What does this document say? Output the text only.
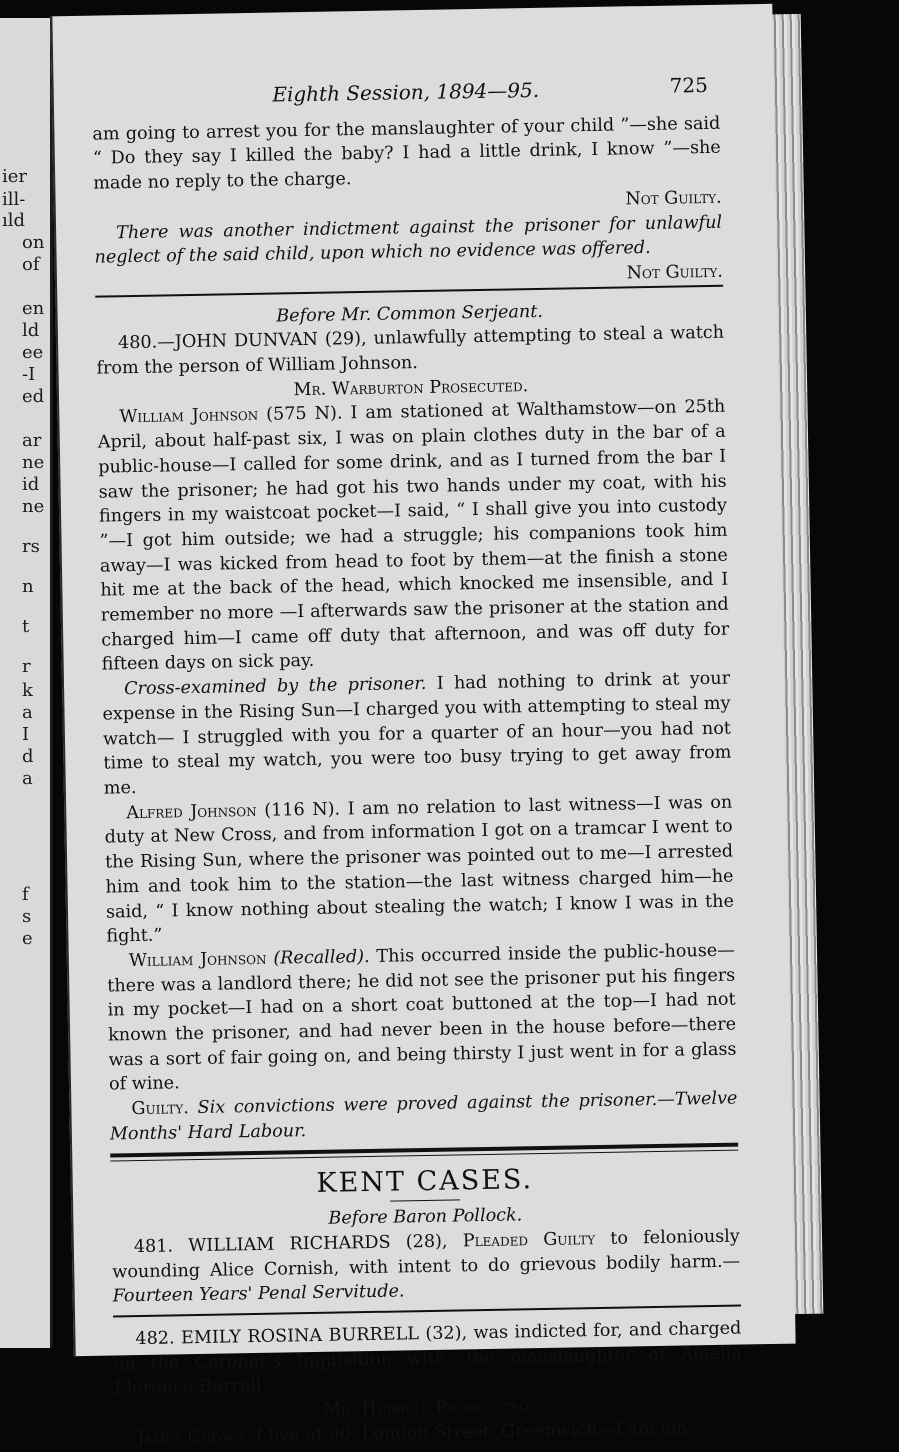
ier
ill-
ıld
on
of
en
ld
ee
-I
ed
ar
ne
id
ne
rs
n
t
r
k
a
I
d
a
f
s
e
725

Eighth Session, 1894—95.

am going to arrest you for the manslaughter of your child ”—she said “ Do they say I killed the baby? I had a little drink, I know ”—she made no reply to the charge.

Not Guilty.

There was another indictment against the prisoner for unlawful neglect of the said child, upon which no evidence was offered.
Not Guilty.

Before Mr. Common Serjeant.

480.—JOHN DUNVAN (29), unlawfully attempting to steal a watch from the person of William Johnson.

Mr. Warburton Prosecuted.

William Johnson (575 N). I am stationed at Walthamstow—on 25th April, about half-past six, I was on plain clothes duty in the bar of a public-house—I called for some drink, and as I turned from the bar I saw the prisoner; he had got his two hands under my coat, with his fingers in my waistcoat pocket—I said, “ I shall give you into custody ”—I got him outside; we had a struggle; his companions took him away—I was kicked from head to foot by them—at the finish a stone hit me at the back of the head, which knocked me insensible, and I remember no more —I afterwards saw the prisoner at the station and charged him—I came off duty that afternoon, and was off duty for fifteen days on sick pay.

Cross-examined by the prisoner. I had nothing to drink at your expense in the Rising Sun—I charged you with attempting to steal my watch— I struggled with you for a quarter of an hour—you had not time to steal my watch, you were too busy trying to get away from me.

Alfred Johnson (116 N). I am no relation to last witness—I was on duty at New Cross, and from information I got on a tramcar I went to the Rising Sun, where the prisoner was pointed out to me—I arrested him and took him to the station—the last witness charged him—he said, “ I know nothing about stealing the watch; I know I was in the fight.”

William Johnson (Recalled). This occurred inside the public-house— there was a landlord there; he did not see the prisoner put his fingers in my pocket—I had on a short coat buttoned at the top—I had not known the prisoner, and had never been in the house before—there was a sort of fair going on, and being thirsty I just went in for a glass of wine.

Guilty. Six convictions were proved against the prisoner.—Twelve Months' Hard Labour.

KENT CASES.

Before Baron Pollock.

481. WILLIAM RICHARDS (28), Pleaded Guilty to feloniously wounding Alice Cornish, with intent to do grievous bodily harm.— Fourteen Years' Penal Servitude.

482. EMILY ROSINA BURRELL (32), was indicted for, and charged on the Coroner's Inquisition with, the manslaughter of Amelia Florence Burrell.

Mr. Hurrell Prosecuted.

James Chown. I live at 90, London Street, Greenwich—I am em-
